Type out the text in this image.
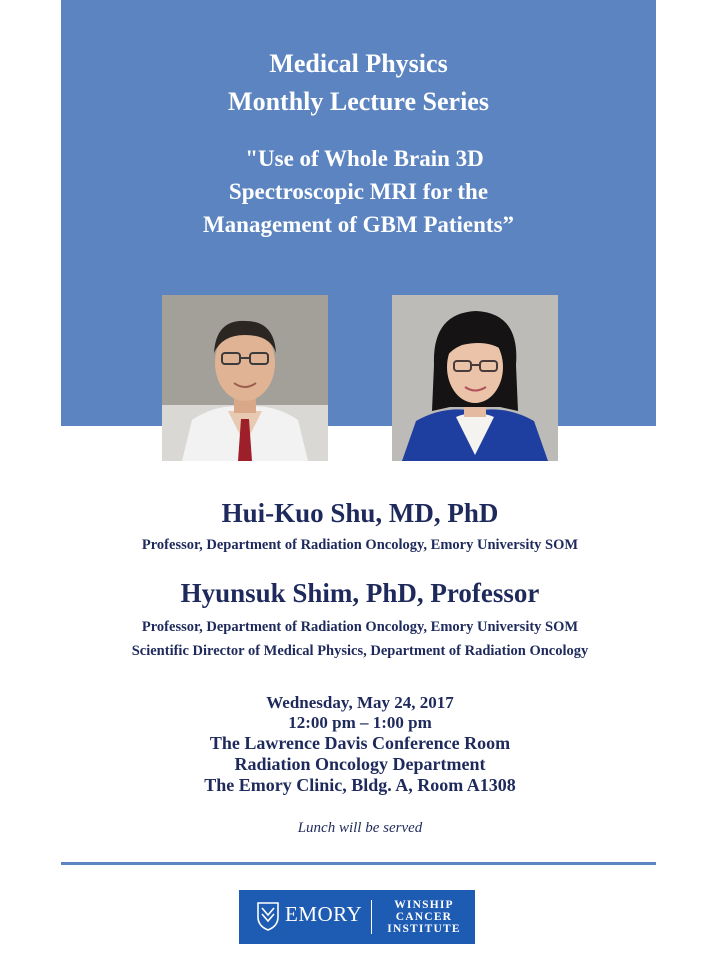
Medical Physics
Monthly Lecture Series
"Use of Whole Brain 3D
Spectroscopic MRI for the
Management of GBM Patients”
Hui-Kuo Shu, MD, PhD
Professor, Department of Radiation Oncology, Emory University SOM
Hyunsuk Shim, PhD, Professor
Professor, Department of Radiation Oncology, Emory University SOM
Scientific Director of Medical Physics, Department of Radiation Oncology
Wednesday, May 24, 2017
12:00 pm – 1:00 pm
The Lawrence Davis Conference Room
Radiation Oncology Department
The Emory Clinic, Bldg. A, Room A1308
Lunch will be served
EMORY	WINSHIP
CANCER
INSTITUTE
